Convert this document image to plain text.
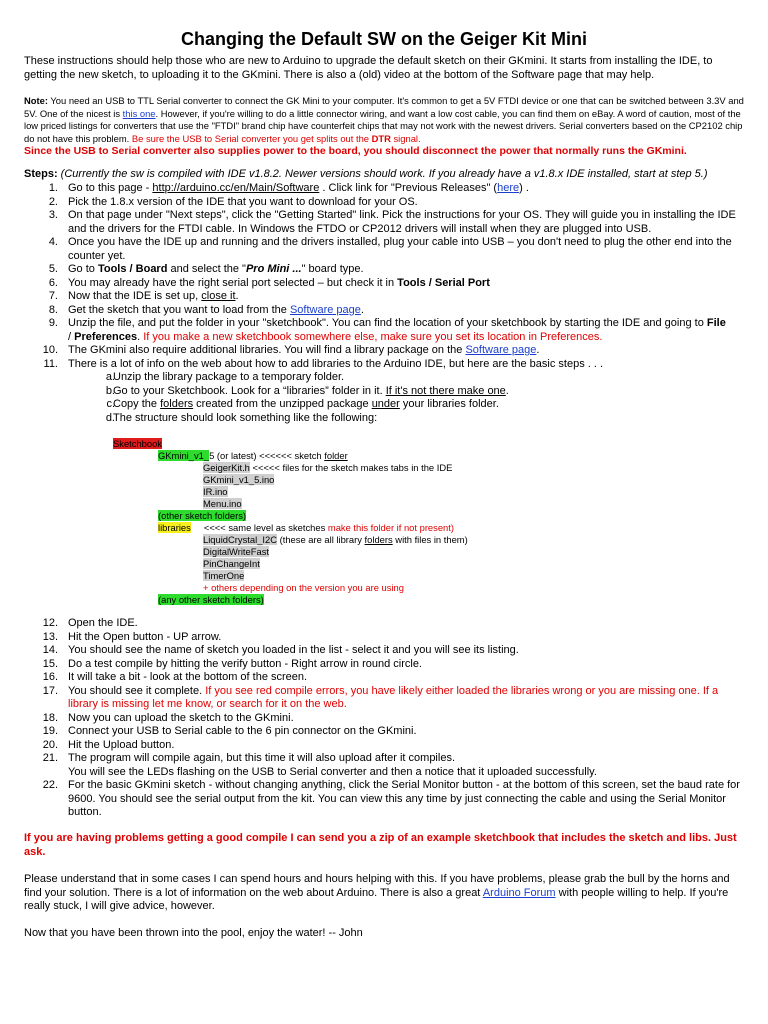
Changing the Default SW on the Geiger Kit Mini
These instructions should help those who are new to Arduino to upgrade the default sketch on their GKmini. It starts from installing the IDE, to getting the new sketch, to uploading it to the GKmini. There is also a (old) video at the bottom of the Software page that may help.
Note: You need an USB to TTL Serial converter to connect the GK Mini to your computer. It's common to get a 5V FTDI device or one that can be switched between 3.3V and 5V. One of the nicest is this one. However, if you're willing to do a little connector wiring, and want a low cost cable, you can find them on eBay. A word of caution, most of the low priced listings for converters that use the "FTDI" brand chip have counterfeit chips that may not work with the newest drivers. Serial converters based on the CP2102 chip do not have this problem. Be sure the USB to Serial converter you get splits out the DTR signal.
Since the USB to Serial converter also supplies power to the board, you should disconnect the power that normally runs the GKmini.
Steps: (Currently the sw is compiled with IDE v1.8.2. Newer versions should work. If you already have a v1.8.x IDE installed, start at step 5.)
1. Go to this page - http://arduino.cc/en/Main/Software . Click link for "Previous Releases" (here) .
2. Pick the 1.8.x version of the IDE that you want to download for your OS.
3. On that page under "Next steps", click the "Getting Started" link. Pick the instructions for your OS. They will guide you in installing the IDE and the drivers for the FTDI cable. In Windows the FTDO or CP2012 drivers will install when they are plugged into USB.
4. Once you have the IDE up and running and the drivers installed, plug your cable into USB – you don't need to plug the other end into the counter yet.
5. Go to Tools / Board and select the "Pro Mini ..." board type.
6. You may already have the right serial port selected – but check it in Tools / Serial Port
7. Now that the IDE is set up, close it.
8. Get the sketch that you want to load from the Software page.
9. Unzip the file, and put the folder in your "sketchbook". You can find the location of your sketchbook by starting the IDE and going to File
/ Preferences. If you make a new sketchbook somewhere else, make sure you set its location in Preferences.
10. The GKmini also require additional libraries. You will find a library package on the Software page.
11. There is a lot of info on the web about how to add libraries to the Arduino IDE, but here are the basic steps . . .
a.
Unzip the library package to a temporary folder.
b.
Go to your Sketchbook. Look for a “libraries” folder in it. If it's not there make one.
c.
Copy the folders created from the unzipped package under your libraries folder.
d.
The structure should look something like the following:
Sketchbook
GKmini_v1_5 (or latest) <<<<<< sketch folder
GeigerKit.h <<<<< files for the sketch makes tabs in the IDE
GKmini_v1_5.ino
IR.ino
Menu.ino
(other sketch folders)
libraries     <<<< same level as sketches make this folder if not present)
LiquidCrystal_I2C (these are all library folders with files in them)
DigitalWriteFast
PinChangeInt
TimerOne
+ others depending on the version you are using
(any other sketch folders)
12. Open the IDE.
13. Hit the Open button - UP arrow.
14. You should see the name of sketch you loaded in the list - select it and you will see its listing.
15. Do a test compile by hitting the verify button - Right arrow in round circle.
16. It will take a bit - look at the bottom of the screen.
17. You should see it complete. If you see red compile errors, you have likely either loaded the libraries wrong or you are missing one. If a library is missing let me know, or search for it on the web.
18. Now you can upload the sketch to the GKmini.
19. Connect your USB to Serial cable to the 6 pin connector on the GKmini.
20. Hit the Upload button.
21. The program will compile again, but this time it will also upload after it compiles.
You will see the LEDs flashing on the USB to Serial converter and then a notice that it uploaded successfully.
22. For the basic GKmini sketch - without changing anything, click the Serial Monitor button - at the bottom of this screen, set the baud rate for 9600. You should see the serial output from the kit. You can view this any time by just connecting the cable and using the Serial Monitor button.
If you are having problems getting a good compile I can send you a zip of an example sketchbook that includes the sketch and libs. Just ask.
Please understand that in some cases I can spend hours and hours helping with this. If you have problems, please grab the bull by the horns and find your solution. There is a lot of information on the web about Arduino. There is also a great Arduino Forum with people willing to help. If you're really stuck, I will give advice, however.
Now that you have been thrown into the pool, enjoy the water! -- John
